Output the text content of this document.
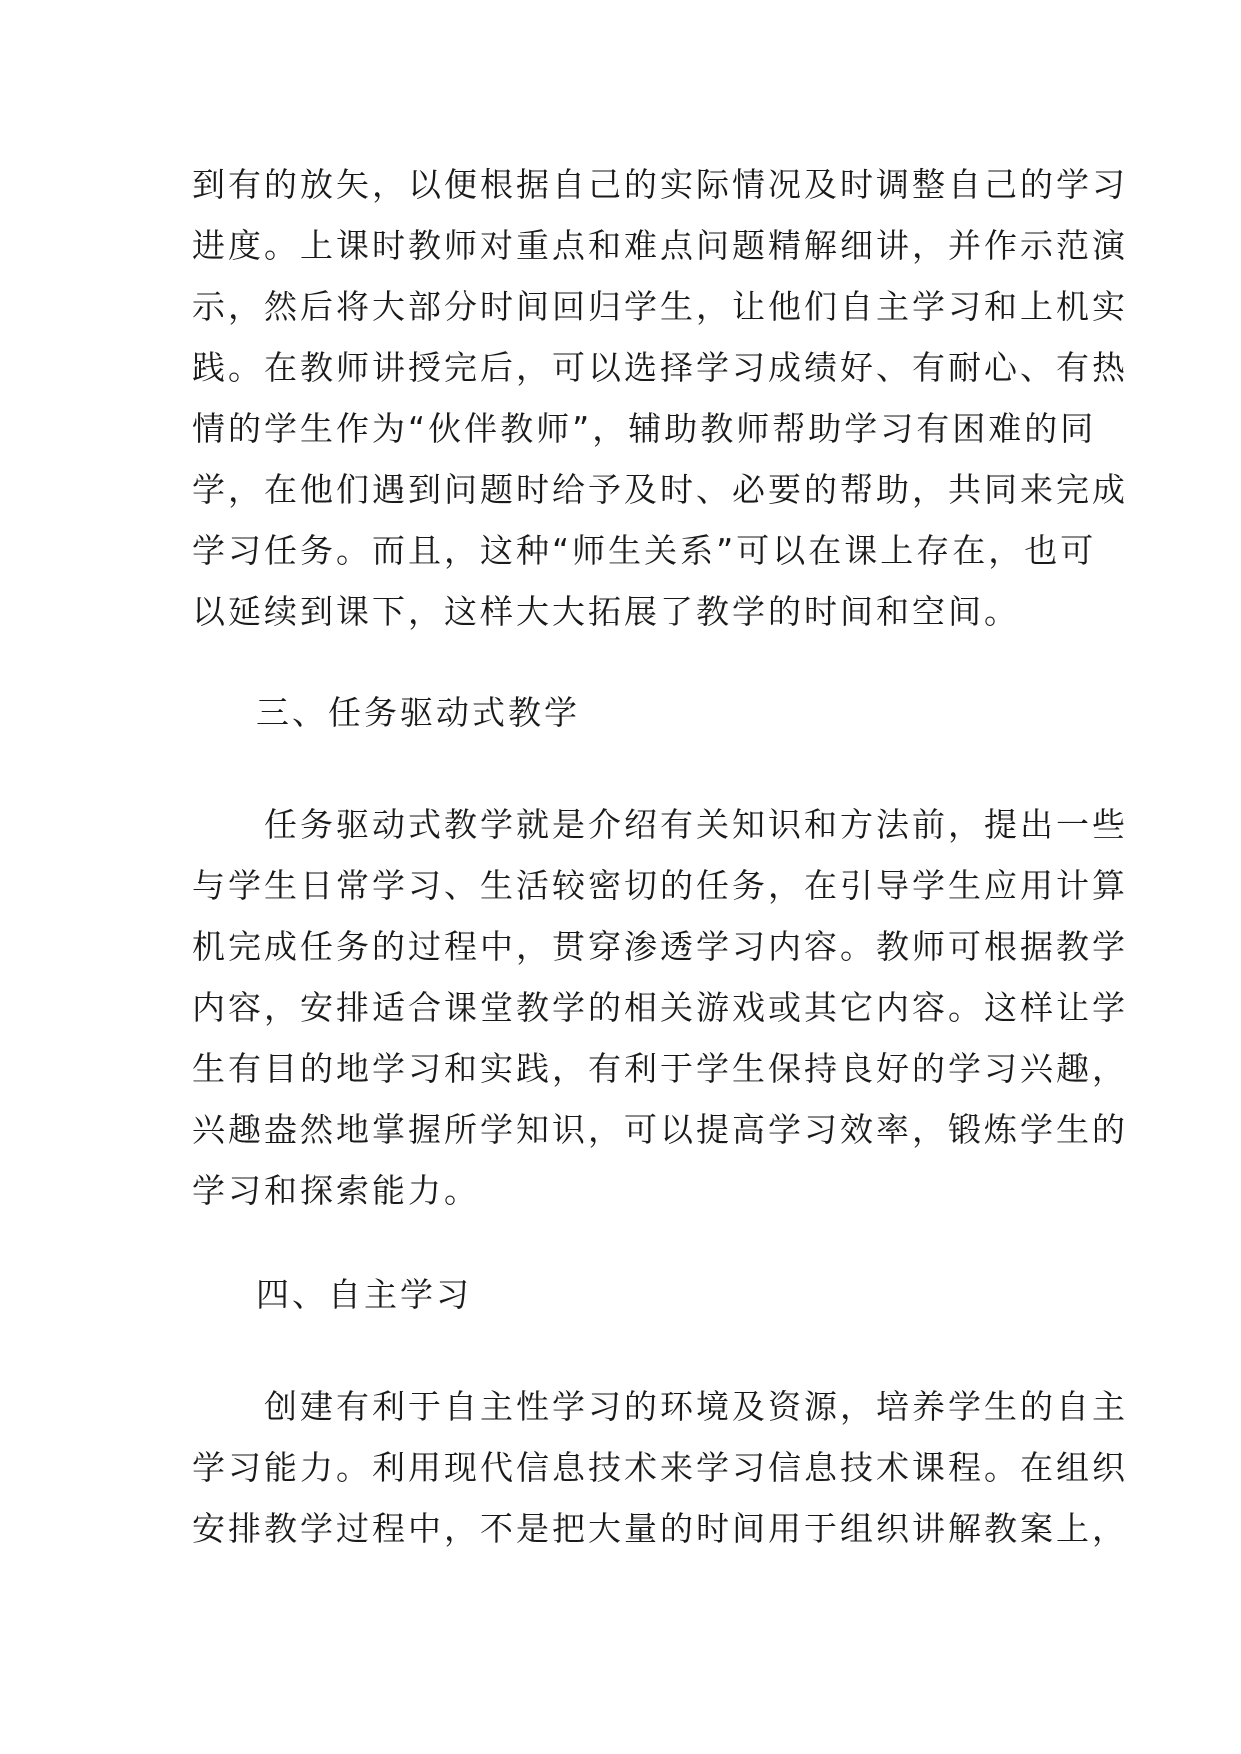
到有的放矢，以便根据自己的实际情况及时调整自己的学习
进度。上课时教师对重点和难点问题精解细讲，并作示范演
示，然后将大部分时间回归学生，让他们自主学习和上机实
践。在教师讲授完后，可以选择学习成绩好、有耐心、有热
情的学生作为“伙伴教师”，辅助教师帮助学习有困难的同
学，在他们遇到问题时给予及时、必要的帮助，共同来完成
学习任务。而且，这种“师生关系”可以在课上存在，也可
以延续到课下，这样大大拓展了教学的时间和空间。
三、任务驱动式教学
　　任务驱动式教学就是介绍有关知识和方法前，提出一些
与学生日常学习、生活较密切的任务，在引导学生应用计算
机完成任务的过程中，贯穿渗透学习内容。教师可根据教学
内容，安排适合课堂教学的相关游戏或其它内容。这样让学
生有目的地学习和实践，有利于学生保持良好的学习兴趣，
兴趣盎然地掌握所学知识，可以提高学习效率，锻炼学生的
学习和探索能力。
四、自主学习
　　创建有利于自主性学习的环境及资源，培养学生的自主
学习能力。利用现代信息技术来学习信息技术课程。在组织
安排教学过程中，不是把大量的时间用于组织讲解教案上，
